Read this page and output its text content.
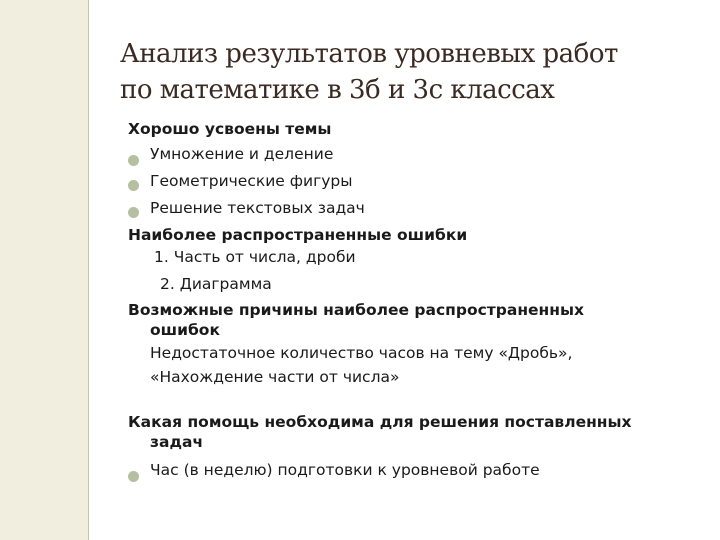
Анализ результатов уровневых работ
по математике в 3б и 3с классах
Хорошо усвоены темы
Умножение и деление
Геометрические фигуры
Решение текстовых задач
Наиболее распространенные ошибки
1. Часть от числа, дроби
2. Диаграмма
Возможные причины наиболее распространенных
ошибок
Недостаточное количество часов на тему «Дробь»,
«Нахождение части от числа»
Какая помощь необходима для решения поставленных
задач
Час (в неделю) подготовки к уровневой работе
